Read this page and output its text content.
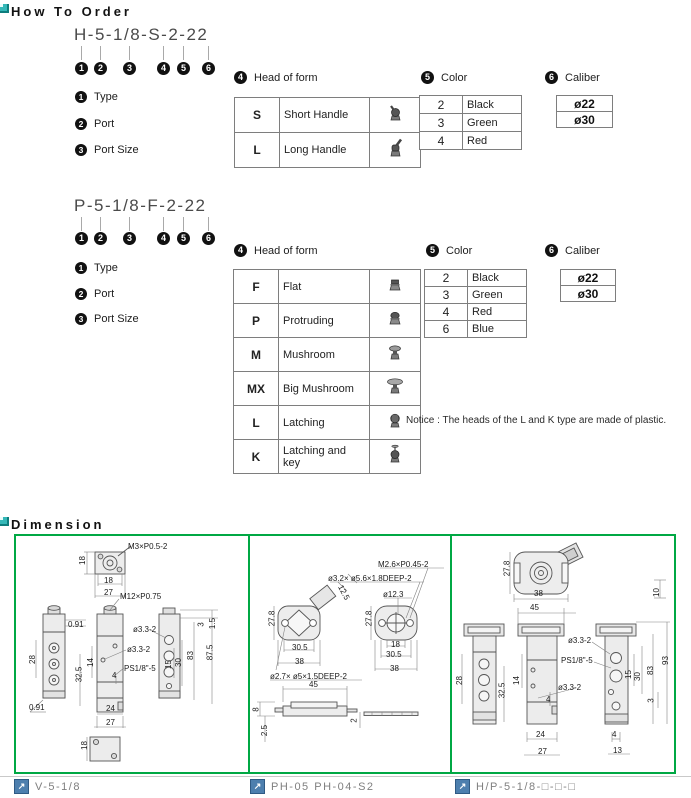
How To Order
H-5-1/8-S-2-22
1	2	3	4	5	6
1 Type
2 Port
3 Port Size
4	Head of form
S	Short Handle	
L	Long Handle	
5	Color
2	Black
3	Green
4	Red
6	Caliber
ø22
ø30
P-5-1/8-F-2-22
1	2	3	4	5	6
1 Type
2 Port
3 Port Size
4	Head of form
F	Flat	
P	Protruding	
M	Mushroom	
MX	Big Mushroom	
L	Latching	
K	Latching and key	
5	Color
2	Black
3	Green
4	Red
6	Blue
6	Caliber
ø22
ø30
Notice : The heads of the L and K type are made of plastic.
Dimension
18
M3×P0.5-2
18
27 M12×P0.75
0.91
ø3.3-2
ø3.3-2
PS1/8"-5
28	14
32.5	4
0.91	24
27
18
15 30
83 87.5
3 1.5
M2.6×P0.45-2
ø3.2× ø5.6×1.8DEEP-2
ø12.3
27.8
12.5
27.8
30.5
38
18
30.5
38
ø2.7× ø5×1.5DEEP-2
45
8
2.5
2
27.8
38
45
10
ø3.3-2
PS1/8"-5
ø3.3-2
28	14
32.5
4
24
27
15 30
83
93
3
4
13
↗ V-5-1/8	↗ PH-05 PH-04-S2	↗ H/P-5-1/8-□-□-□
